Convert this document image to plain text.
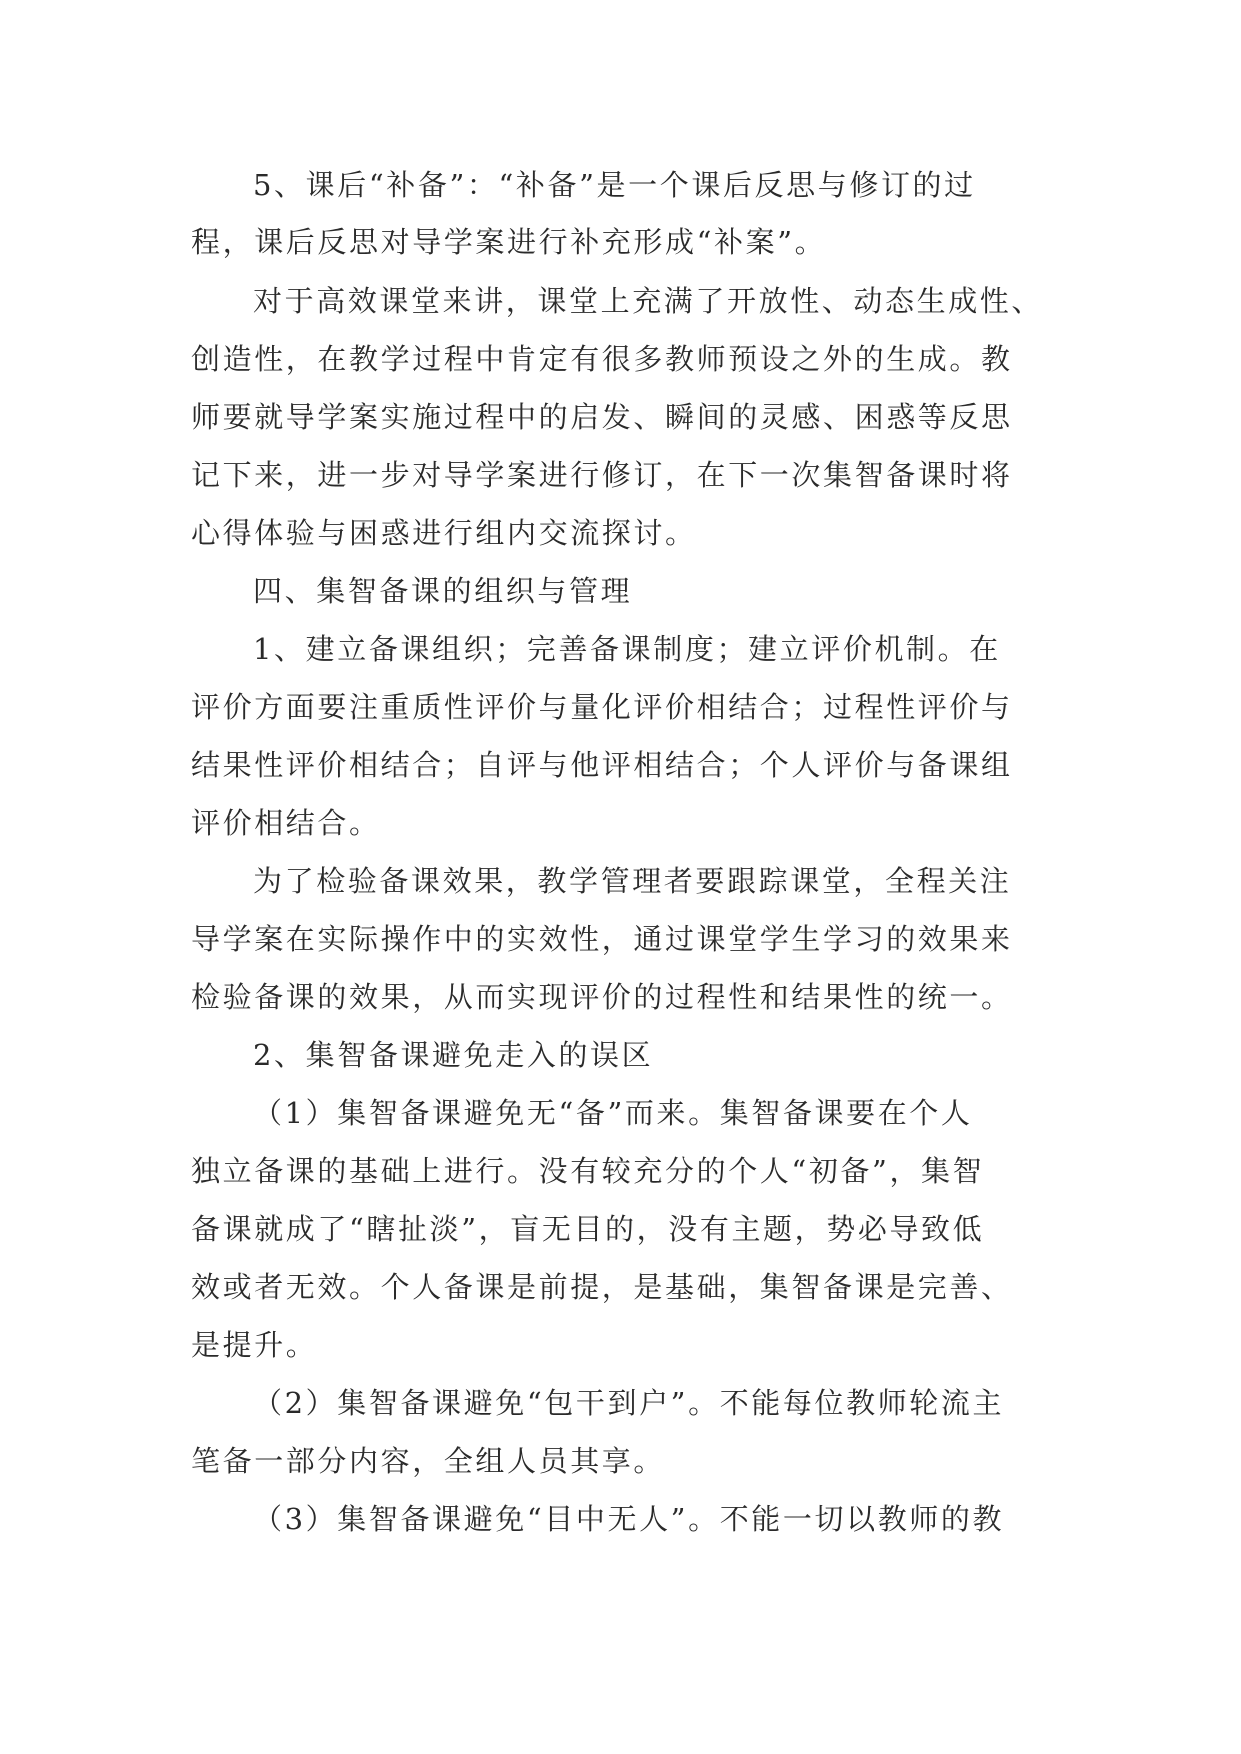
5、课后“补备”：“补备”是一个课后反思与修订的过
程，课后反思对导学案进行补充形成“补案”。
对于高效课堂来讲，课堂上充满了开放性、动态生成性、
创造性，在教学过程中肯定有很多教师预设之外的生成。教
师要就导学案实施过程中的启发、瞬间的灵感、困惑等反思
记下来，进一步对导学案进行修订，在下一次集智备课时将
心得体验与困惑进行组内交流探讨。
四、集智备课的组织与管理
1、建立备课组织；完善备课制度；建立评价机制。在
评价方面要注重质性评价与量化评价相结合；过程性评价与
结果性评价相结合；自评与他评相结合；个人评价与备课组
评价相结合。
为了检验备课效果，教学管理者要跟踪课堂，全程关注
导学案在实际操作中的实效性，通过课堂学生学习的效果来
检验备课的效果，从而实现评价的过程性和结果性的统一。
2、集智备课避免走入的误区
（1）集智备课避免无“备”而来。集智备课要在个人
独立备课的基础上进行。没有较充分的个人“初备”，集智
备课就成了“瞎扯淡”，盲无目的，没有主题，势必导致低
效或者无效。个人备课是前提，是基础，集智备课是完善、
是提升。
（2）集智备课避免“包干到户”。不能每位教师轮流主
笔备一部分内容，全组人员其享。
（3）集智备课避免“目中无人”。不能一切以教师的教
